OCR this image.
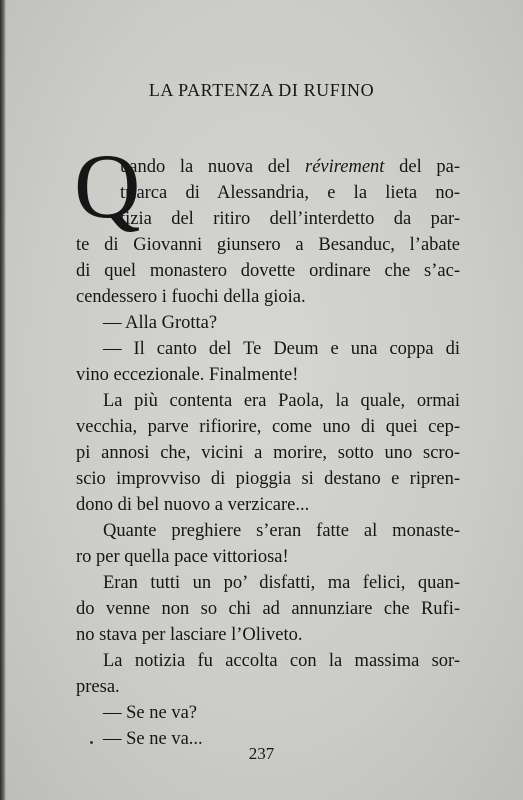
LA PARTENZA DI RUFINO
Q
uando la nuova del révirement del pa-
triarca di Alessandria, e la lieta no-
tizia del ritiro dell’interdetto da par-
te di Giovanni giunsero a Besanduc, l’abate
di quel monastero dovette ordinare che s’ac-
cendessero i fuochi della gioia.
— Alla Grotta?
— Il canto del Te Deum e una coppa di
vino eccezionale. Finalmente!
La più contenta era Paola, la quale, ormai
vecchia, parve rifiorire, come uno di quei cep-
pi annosi che, vicini a morire, sotto uno scro-
scio improvviso di pioggia si destano e ripren-
dono di bel nuovo a verzicare...
Quante preghiere s’eran fatte al monaste-
ro per quella pace vittoriosa!
Eran tutti un po’ disfatti, ma felici, quan-
do venne non so chi ad annunziare che Rufi-
no stava per lasciare l’Oliveto.
La notizia fu accolta con la massima sor-
presa.
— Se ne va?
— Se ne va...
237
